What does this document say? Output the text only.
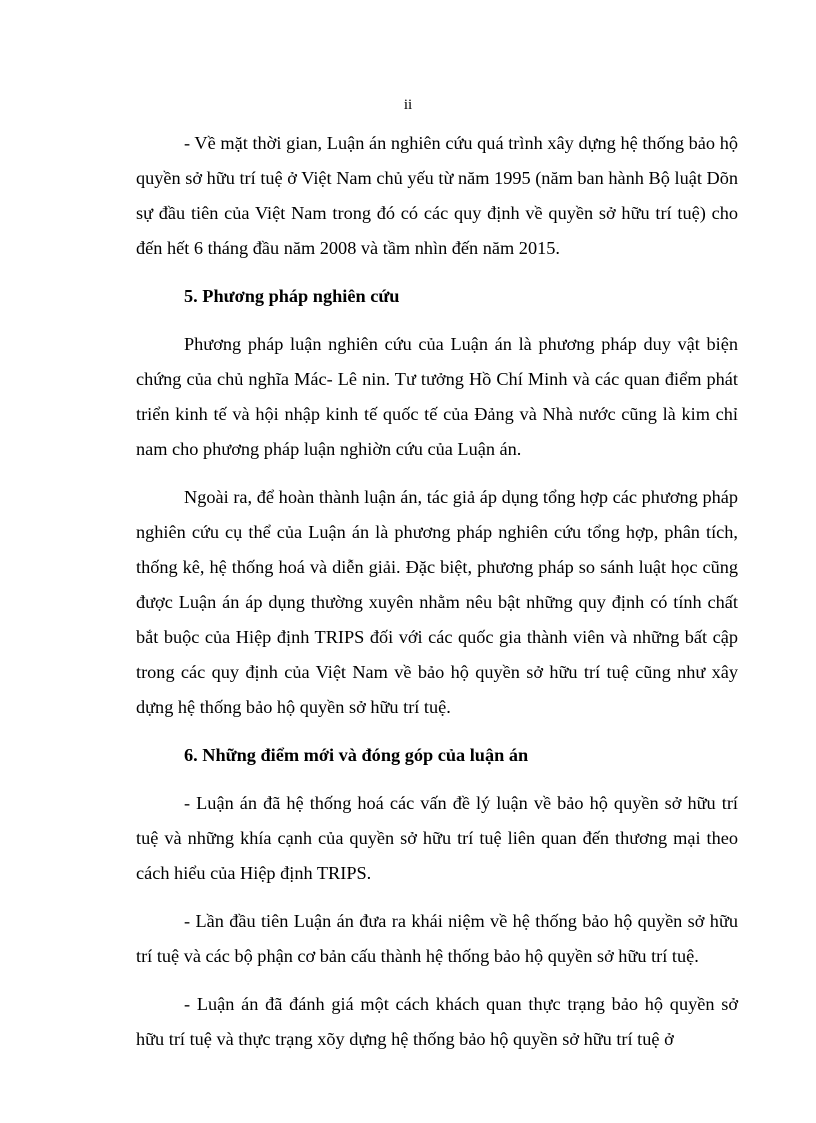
ii

- Về mặt thời gian, Luận án nghiên cứu quá trình xây dựng hệ thống bảo hộ quyền sở hữu trí tuệ ở Việt Nam chủ yếu từ năm 1995 (năm ban hành Bộ luật Dõn sự đầu tiên của Việt Nam trong đó có các quy định về quyền sở hữu trí tuệ) cho đến hết 6 tháng đầu năm 2008 và tầm nhìn đến năm 2015.

5. Phương pháp nghiên cứu

Phương pháp luận nghiên cứu của Luận án là phương pháp duy vật biện chứng của chủ nghĩa Mác- Lê nin. Tư tưởng Hồ Chí Minh và các quan điểm phát triển kinh tế và hội nhập kinh tế quốc tế của Đảng và Nhà nước cũng là kim chỉ nam cho phương pháp luận nghiờn cứu của Luận án.

Ngoài ra, để hoàn thành luận án, tác giả áp dụng tổng hợp các phương pháp nghiên cứu cụ thể của Luận án là phương pháp nghiên cứu tổng hợp, phân tích, thống kê, hệ thống hoá và diễn giải. Đặc biệt, phương pháp so sánh luật học cũng được Luận án áp dụng thường xuyên nhằm nêu bật những quy định có tính chất bắt buộc của Hiệp định TRIPS đối với các quốc gia thành viên và những bất cập trong các quy định của Việt Nam về bảo hộ quyền sở hữu trí tuệ cũng như xây dựng hệ thống bảo hộ quyền sở hữu trí tuệ.

6. Những điểm mới và đóng góp của luận án

- Luận án đã hệ thống hoá các vấn đề lý luận về bảo hộ quyền sở hữu trí tuệ và những khía cạnh của quyền sở hữu trí tuệ liên quan đến thương mại theo cách hiểu của Hiệp định TRIPS.

- Lần đầu tiên Luận án đưa ra khái niệm về hệ thống bảo hộ quyền sở hữu trí tuệ và các bộ phận cơ bản cấu thành hệ thống bảo hộ quyền sở hữu trí tuệ.

- Luận án đã đánh giá một cách khách quan thực trạng bảo hộ quyền sở hữu trí tuệ và thực trạng xõy dựng hệ thống bảo hộ quyền sở hữu trí tuệ ở
